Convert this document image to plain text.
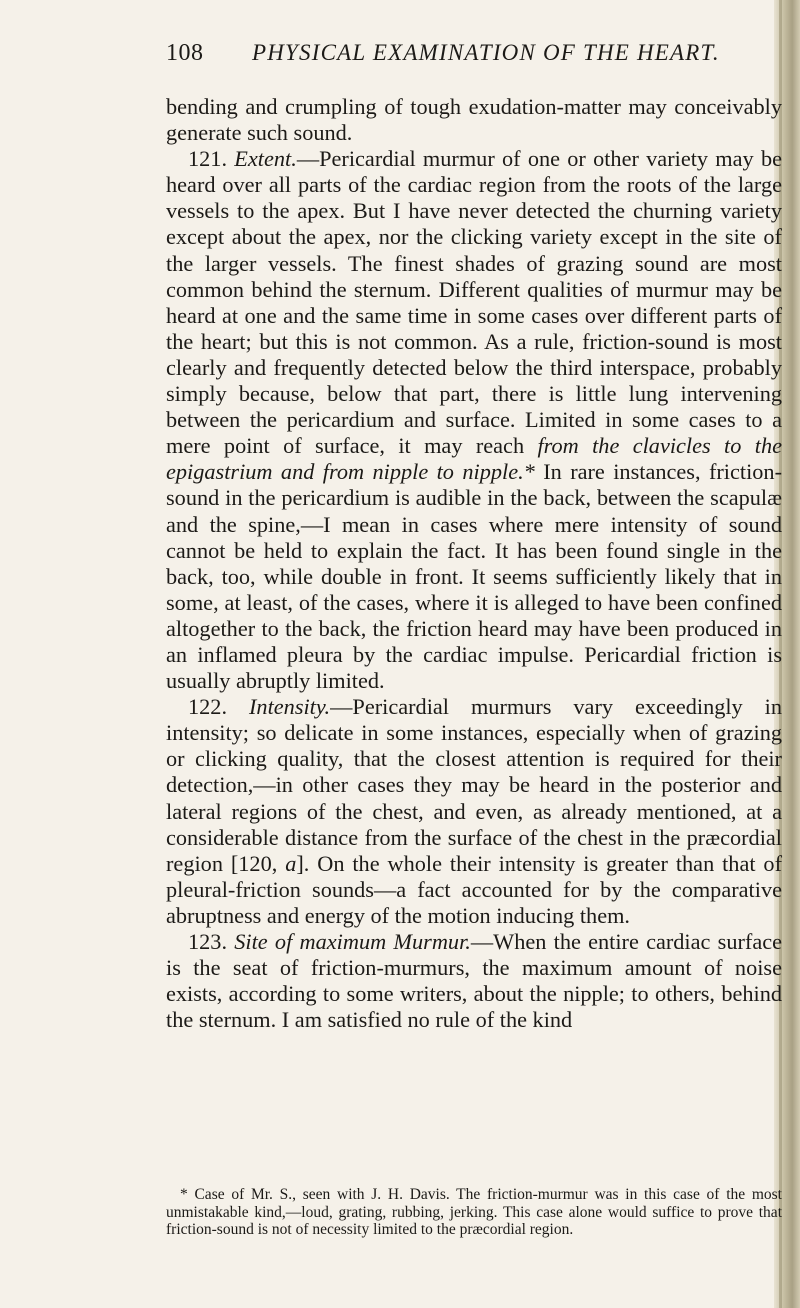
108 PHYSICAL EXAMINATION OF THE HEART.

bending and crumpling of tough exudation-matter may conceivably generate such sound.

121. Extent.—Pericardial murmur of one or other variety may be heard over all parts of the cardiac region from the roots of the large vessels to the apex. But I have never detected the churning variety except about the apex, nor the clicking variety except in the site of the larger vessels. The finest shades of grazing sound are most common behind the sternum. Different qualities of murmur may be heard at one and the same time in some cases over different parts of the heart; but this is not common. As a rule, friction-sound is most clearly and frequently detected below the third interspace, probably simply because, below that part, there is little lung intervening between the pericardium and surface. Limited in some cases to a mere point of surface, it may reach from the clavicles to the epigastrium and from nipple to nipple.* In rare instances, friction-sound in the pericardium is audible in the back, between the scapulæ and the spine,—I mean in cases where mere intensity of sound cannot be held to explain the fact. It has been found single in the back, too, while double in front. It seems sufficiently likely that in some, at least, of the cases, where it is alleged to have been confined altogether to the back, the friction heard may have been produced in an inflamed pleura by the cardiac impulse. Pericardial friction is usually abruptly limited.

122. Intensity.—Pericardial murmurs vary exceedingly in intensity; so delicate in some instances, especially when of grazing or clicking quality, that the closest attention is required for their detection,—in other cases they may be heard in the posterior and lateral regions of the chest, and even, as already mentioned, at a considerable distance from the surface of the chest in the præcordial region [120, a]. On the whole their intensity is greater than that of pleural-friction sounds—a fact accounted for by the comparative abruptness and energy of the motion inducing them.

123. Site of maximum Murmur.—When the entire cardiac surface is the seat of friction-murmurs, the maximum amount of noise exists, according to some writers, about the nipple; to others, behind the sternum. I am satisfied no rule of the kind

* Case of Mr. S., seen with J. H. Davis. The friction-murmur was in this case of the most unmistakable kind,—loud, grating, rubbing, jerking. This case alone would suffice to prove that friction-sound is not of necessity limited to the præcordial region.
